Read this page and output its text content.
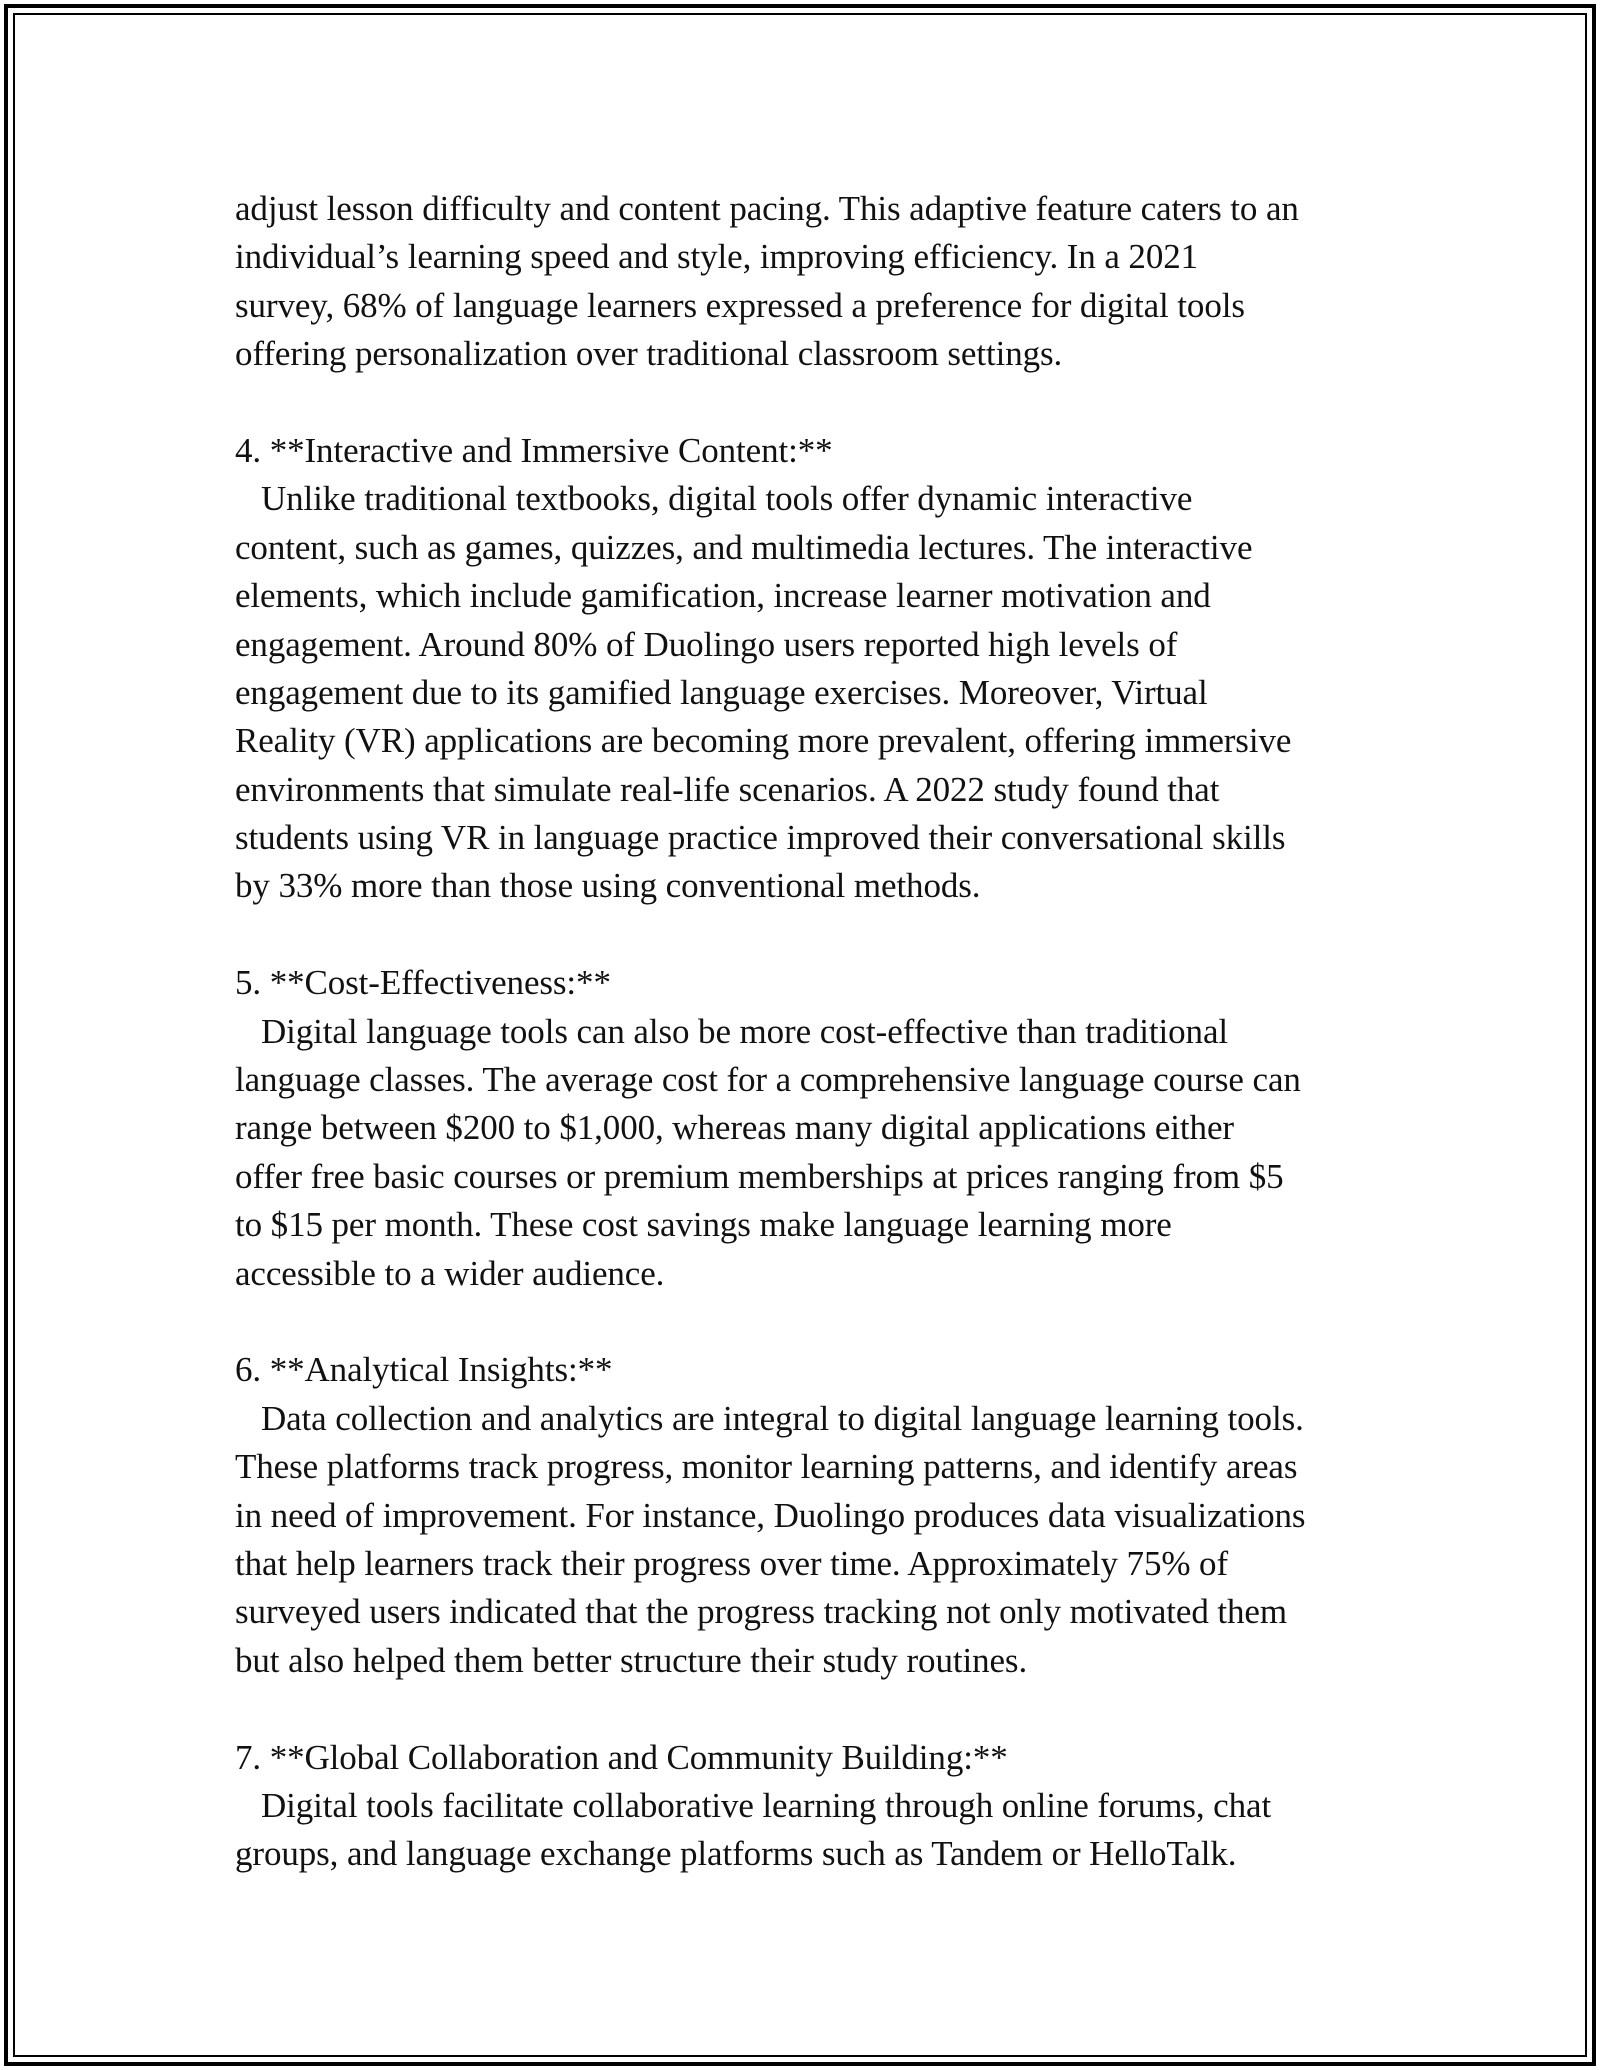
adjust lesson difficulty and content pacing. This adaptive feature caters to an
individual’s learning speed and style, improving efficiency. In a 2021
survey, 68% of language learners expressed a preference for digital tools
offering personalization over traditional classroom settings.
4. **Interactive and Immersive Content:**
Unlike traditional textbooks, digital tools offer dynamic interactive
content, such as games, quizzes, and multimedia lectures. The interactive
elements, which include gamification, increase learner motivation and
engagement. Around 80% of Duolingo users reported high levels of
engagement due to its gamified language exercises. Moreover, Virtual
Reality (VR) applications are becoming more prevalent, offering immersive
environments that simulate real-life scenarios. A 2022 study found that
students using VR in language practice improved their conversational skills
by 33% more than those using conventional methods.
5. **Cost-Effectiveness:**
Digital language tools can also be more cost-effective than traditional
language classes. The average cost for a comprehensive language course can
range between $200 to $1,000, whereas many digital applications either
offer free basic courses or premium memberships at prices ranging from $5
to $15 per month. These cost savings make language learning more
accessible to a wider audience.
6. **Analytical Insights:**
Data collection and analytics are integral to digital language learning tools.
These platforms track progress, monitor learning patterns, and identify areas
in need of improvement. For instance, Duolingo produces data visualizations
that help learners track their progress over time. Approximately 75% of
surveyed users indicated that the progress tracking not only motivated them
but also helped them better structure their study routines.
7. **Global Collaboration and Community Building:**
Digital tools facilitate collaborative learning through online forums, chat
groups, and language exchange platforms such as Tandem or HelloTalk.
